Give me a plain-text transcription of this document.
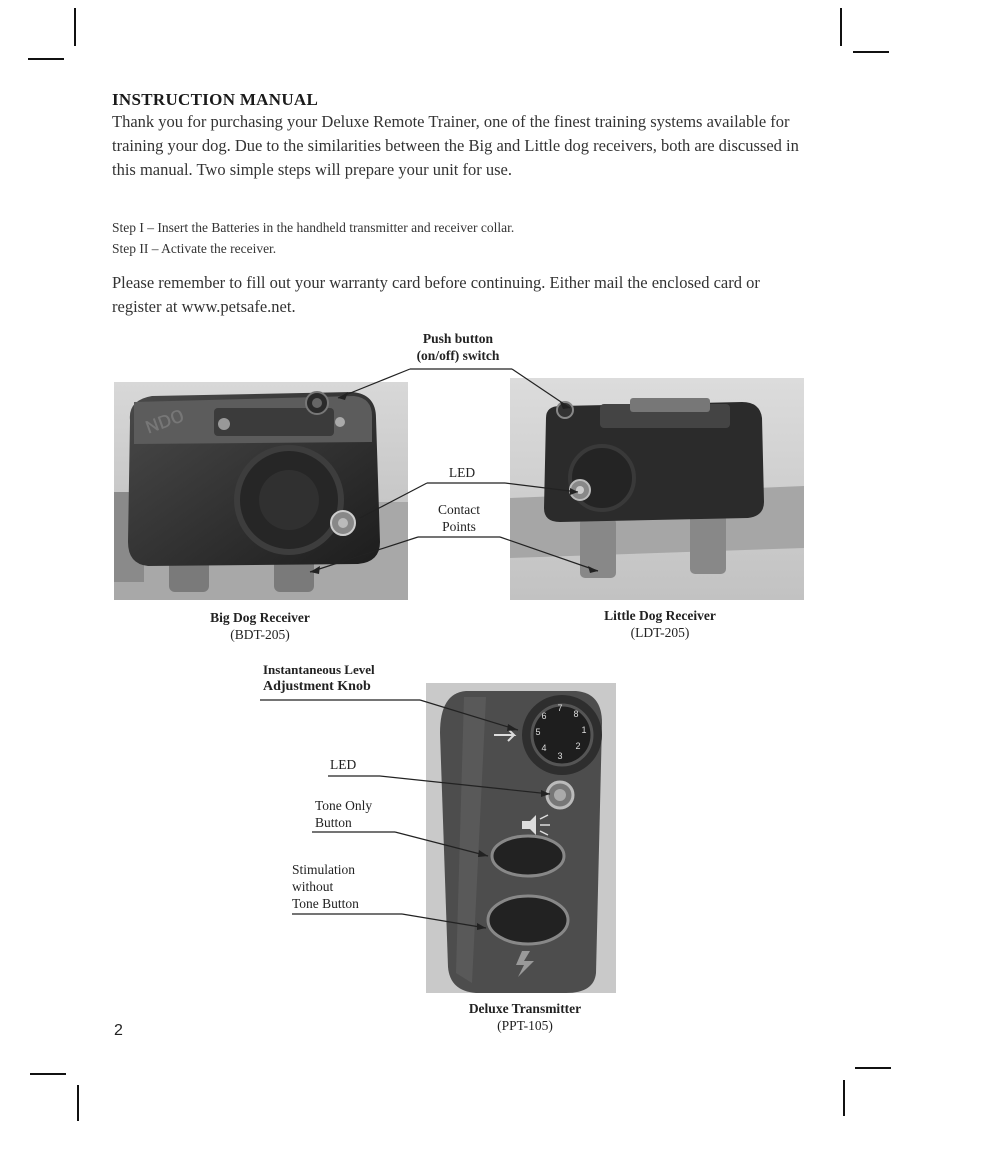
INSTRUCTION MANUAL
Thank you for purchasing your Deluxe Remote Trainer, one of the finest training systems available for training your dog. Due to the similarities between the Big and Little dog receivers, both are discussed in this manual. Two simple steps will prepare your unit for use.
Step I – Insert the Batteries in the handheld transmitter and receiver collar.
Step II – Activate the receiver.
Please remember to fill out your warranty card before continuing. Either mail the enclosed card or register at www.petsafe.net.
ɴᴅo
6
7
8
5	1
4	2
3
Push button
(on/off) switch
LED
Contact
Points
Big Dog Receiver
(BDT-205)
Little Dog Receiver
(LDT-205)
Instantaneous Level
Adjustment Knob
LED
Tone Only
Button
Stimulation
without
Tone Button
Deluxe Transmitter
(PPT-105)
2
